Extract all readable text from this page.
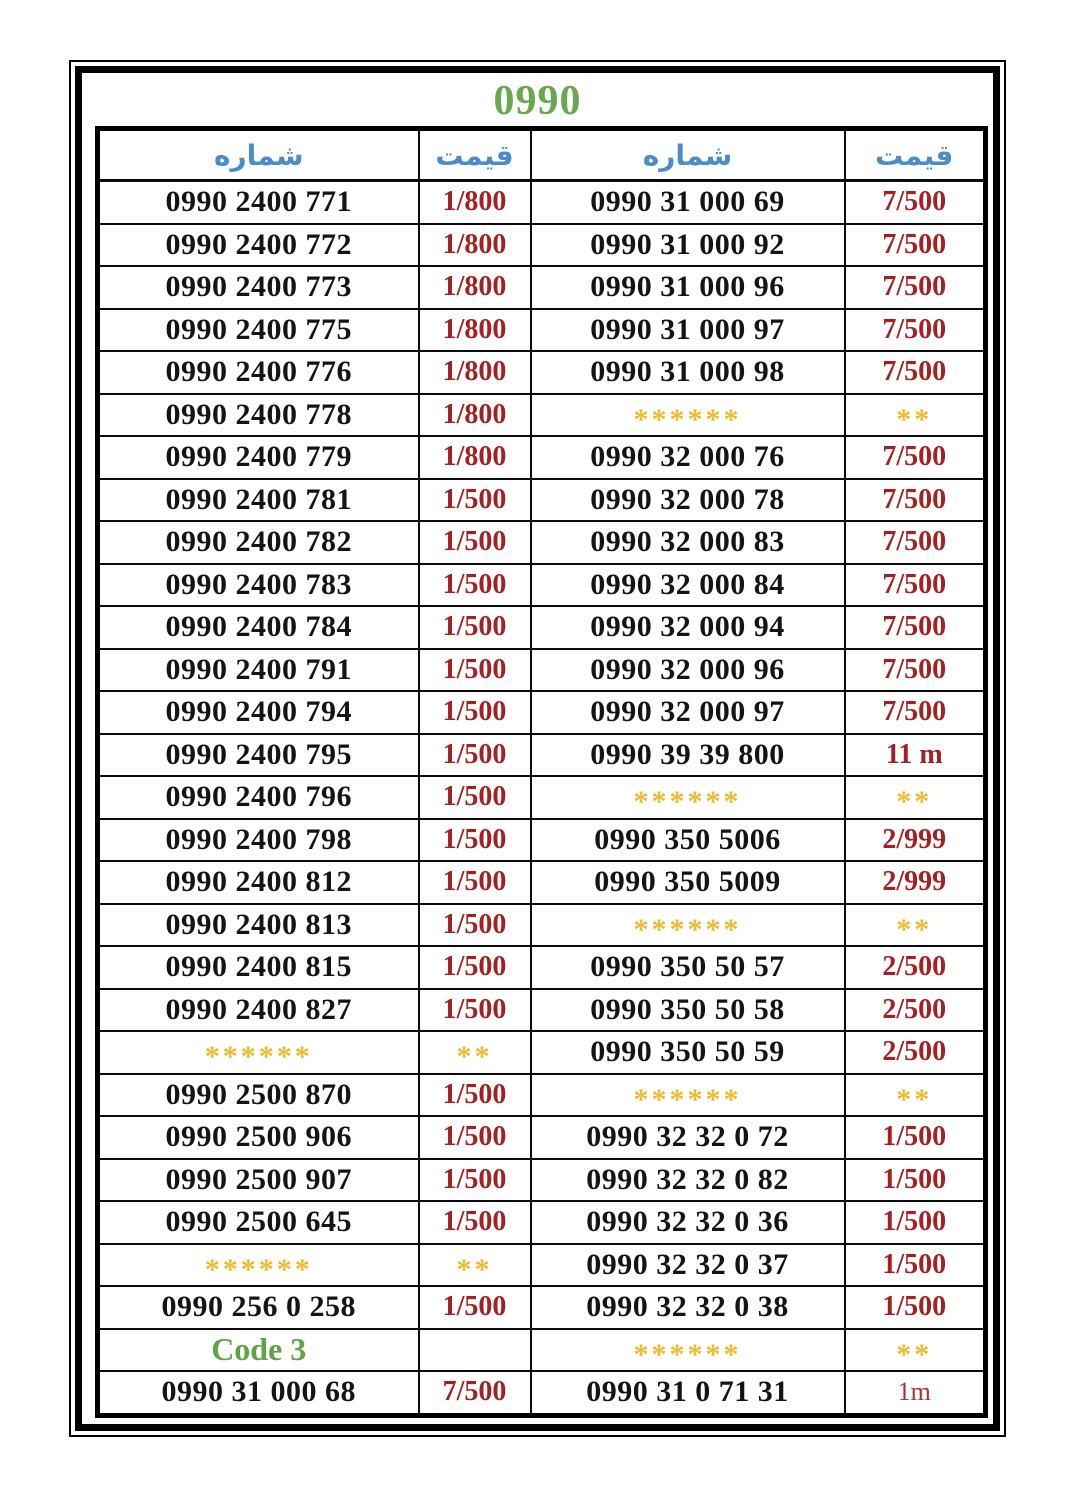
0990
شماره	قیمت	شماره	قیمت
0990 2400 771	1/800	0990 31 000 69	7/500
0990 2400 772	1/800	0990 31 000 92	7/500
0990 2400 773	1/800	0990 31 000 96	7/500
0990 2400 775	1/800	0990 31 000 97	7/500
0990 2400 776	1/800	0990 31 000 98	7/500
0990 2400 778	1/800	******	**
0990 2400 779	1/800	0990 32 000 76	7/500
0990 2400 781	1/500	0990 32 000 78	7/500
0990 2400 782	1/500	0990 32 000 83	7/500
0990 2400 783	1/500	0990 32 000 84	7/500
0990 2400 784	1/500	0990 32 000 94	7/500
0990 2400 791	1/500	0990 32 000 96	7/500
0990 2400 794	1/500	0990 32 000 97	7/500
0990 2400 795	1/500	0990 39 39 800	11 m
0990 2400 796	1/500	******	**
0990 2400 798	1/500	0990 350 5006	2/999
0990 2400 812	1/500	0990 350 5009	2/999
0990 2400 813	1/500	******	**
0990 2400 815	1/500	0990 350 50 57	2/500
0990 2400 827	1/500	0990 350 50 58	2/500
******	**	0990 350 50 59	2/500
0990 2500 870	1/500	******	**
0990 2500 906	1/500	0990 32 32 0 72	1/500
0990 2500 907	1/500	0990 32 32 0 82	1/500
0990 2500 645	1/500	0990 32 32 0 36	1/500
******	**	0990 32 32 0 37	1/500
0990 256 0 258	1/500	0990 32 32 0 38	1/500
Code 3		******	**
0990 31 000 68	7/500	0990 31 0 71 31	1m
